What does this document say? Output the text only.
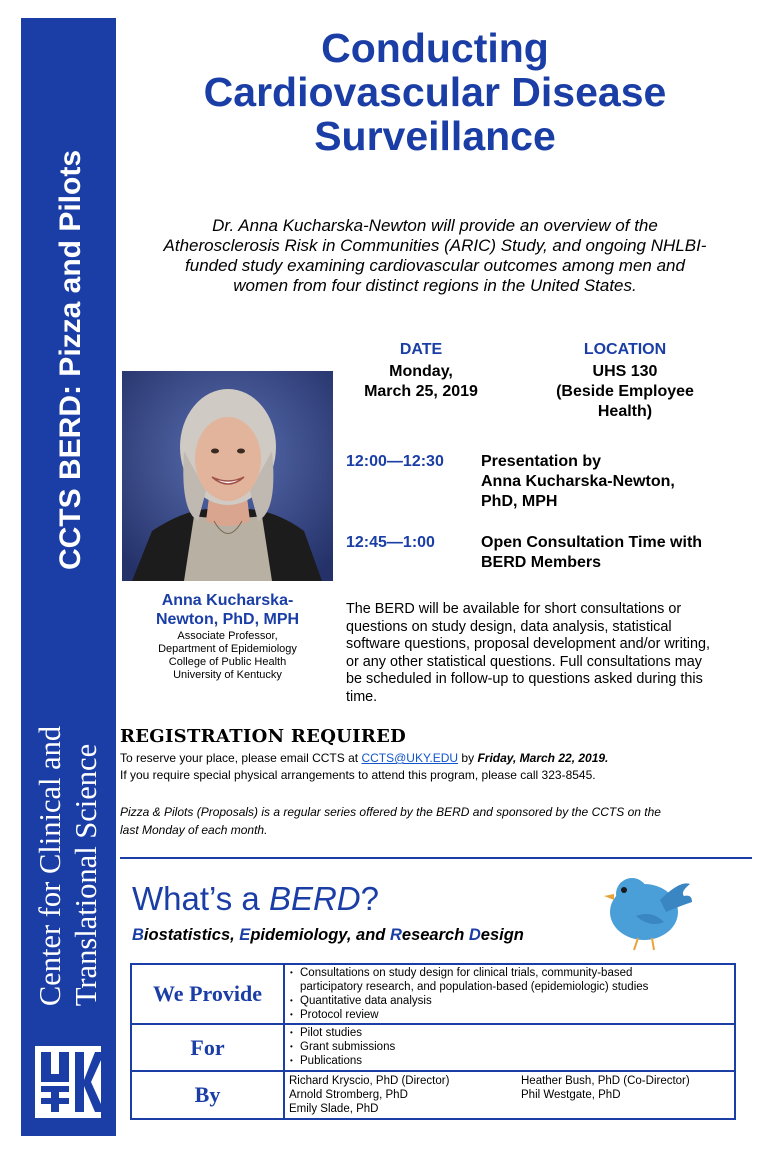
CCTS BERD: Pizza and Pilots
Center for Clinical and Translational Science
Conducting
Cardiovascular Disease
Surveillance
Dr. Anna Kucharska-Newton will provide an overview of the
Atherosclerosis Risk in Communities (ARIC) Study, and ongoing NHLBI-
funded study examining cardiovascular outcomes among men and
women from four distinct regions in the United States.
DATE
Monday,
March 25, 2019
LOCATION
UHS 130
(Beside Employee
Health)
Anna Kucharska-
Newton, PhD, MPH
Associate Professor,
Department of Epidemiology
College of Public Health
University of Kentucky
12:00—12:30 Presentation by
Anna Kucharska-Newton,
PhD, MPH
12:45—1:00	Open Consultation Time with
BERD Members
The BERD will be available for short consultations or
questions on study design, data analysis, statistical
software questions, proposal development and/or writing,
or any other statistical questions. Full consultations may
be scheduled in follow-up to questions asked during this
time.
REGISTRATION REQUIRED
To reserve your place, please email CCTS at CCTS@UKY.EDU by Friday, March 22, 2019.
If you require special physical arrangements to attend this program, please call 323-8545.
Pizza & Pilots (Proposals) is a regular series offered by the BERD and sponsored by the CCTS on the
last Monday of each month.
What’s a BERD?
Biostatistics, Epidemiology, and Research Design
We Provide
• Consultations on study design for clinical trials, community-based
participatory research, and population-based (epidemiologic) studies
• Quantitative data analysis
• Protocol review
For
• Pilot studies
• Grant submissions
• Publications
By
Richard Kryscio, PhD (Director)
Arnold Stromberg, PhD
Emily Slade, PhD
Heather Bush, PhD (Co-Director)
Phil Westgate, PhD
